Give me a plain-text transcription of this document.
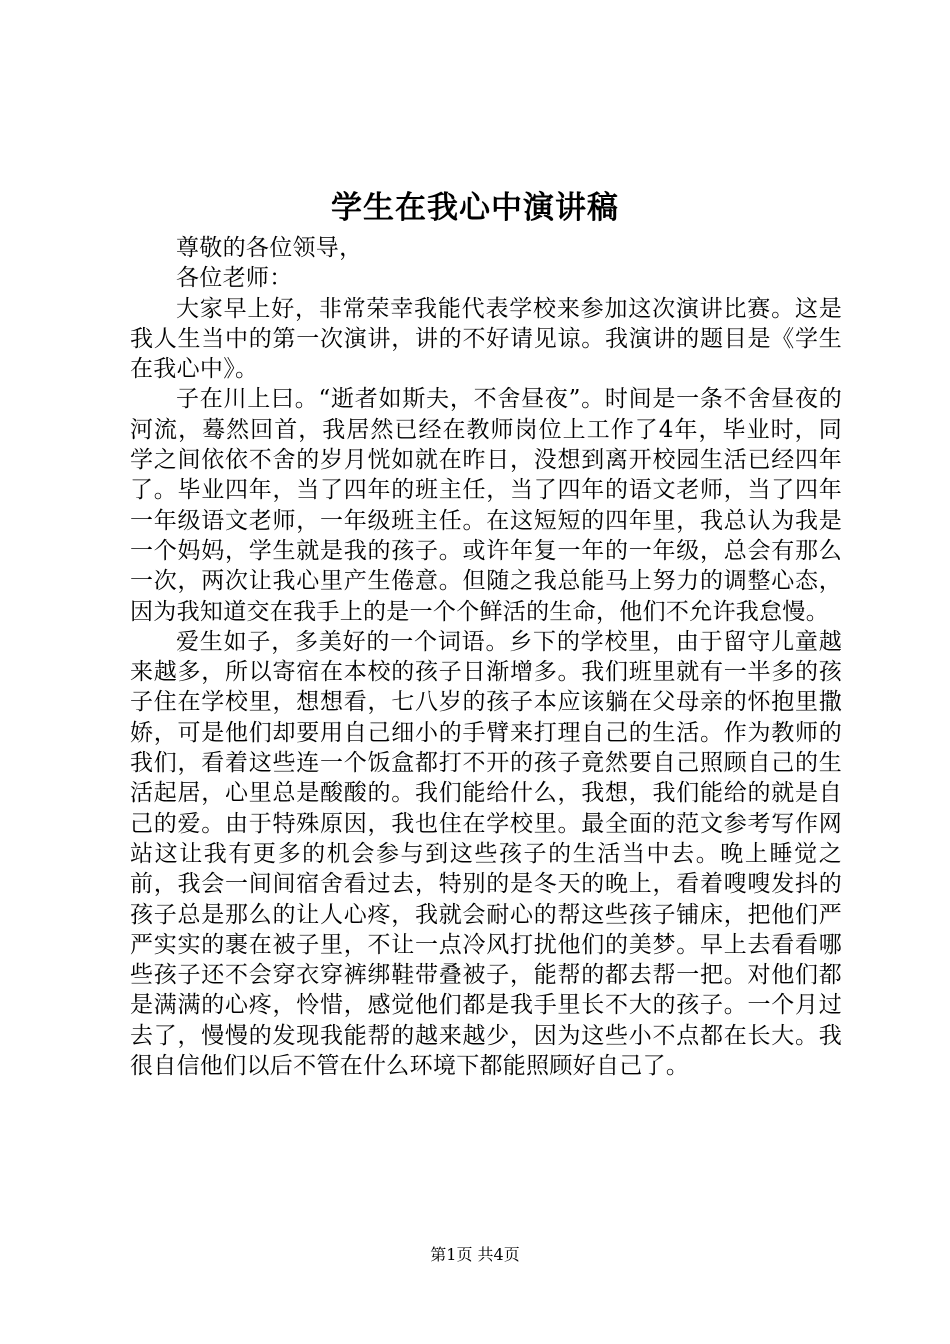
学生在我心中演讲稿

尊敬的各位领导，

各位老师：

大家早上好，非常荣幸我能代表学校来参加这次演讲比赛。这是我人生当中的第一次演讲，讲的不好请见谅。我演讲的题目是《学生在我心中》。

子在川上曰。“逝者如斯夫，不舍昼夜”。时间是一条不舍昼夜的河流，蓦然回首，我居然已经在教师岗位上工作了4年，毕业时，同学之间依依不舍的岁月恍如就在昨日，没想到离开校园生活已经四年了。毕业四年，当了四年的班主任，当了四年的语文老师，当了四年一年级语文老师，一年级班主任。在这短短的四年里，我总认为我是一个妈妈，学生就是我的孩子。或许年复一年的一年级，总会有那么一次，两次让我心里产生倦意。但随之我总能马上努力的调整心态，因为我知道交在我手上的是一个个鲜活的生命，他们不允许我怠慢。

爱生如子，多美好的一个词语。乡下的学校里，由于留守儿童越来越多，所以寄宿在本校的孩子日渐增多。我们班里就有一半多的孩子住在学校里，想想看，七八岁的孩子本应该躺在父母亲的怀抱里撒娇，可是他们却要用自己细小的手臂来打理自己的生活。作为教师的我们，看着这些连一个饭盒都打不开的孩子竟然要自己照顾自己的生活起居，心里总是酸酸的。我们能给什么，我想，我们能给的就是自己的爱。由于特殊原因，我也住在学校里。最全面的范文参考写作网站这让我有更多的机会参与到这些孩子的生活当中去。晚上睡觉之前，我会一间间宿舍看过去，特别的是冬天的晚上，看着嗖嗖发抖的孩子总是那么的让人心疼，我就会耐心的帮这些孩子铺床，把他们严严实实的裹在被子里，不让一点冷风打扰他们的美梦。早上去看看哪些孩子还不会穿衣穿裤绑鞋带叠被子，能帮的都去帮一把。对他们都是满满的心疼，怜惜，感觉他们都是我手里长不大的孩子。一个月过去了，慢慢的发现我能帮的越来越少，因为这些小不点都在长大。我很自信他们以后不管在什么环境下都能照顾好自己了。

第1页 共4页
